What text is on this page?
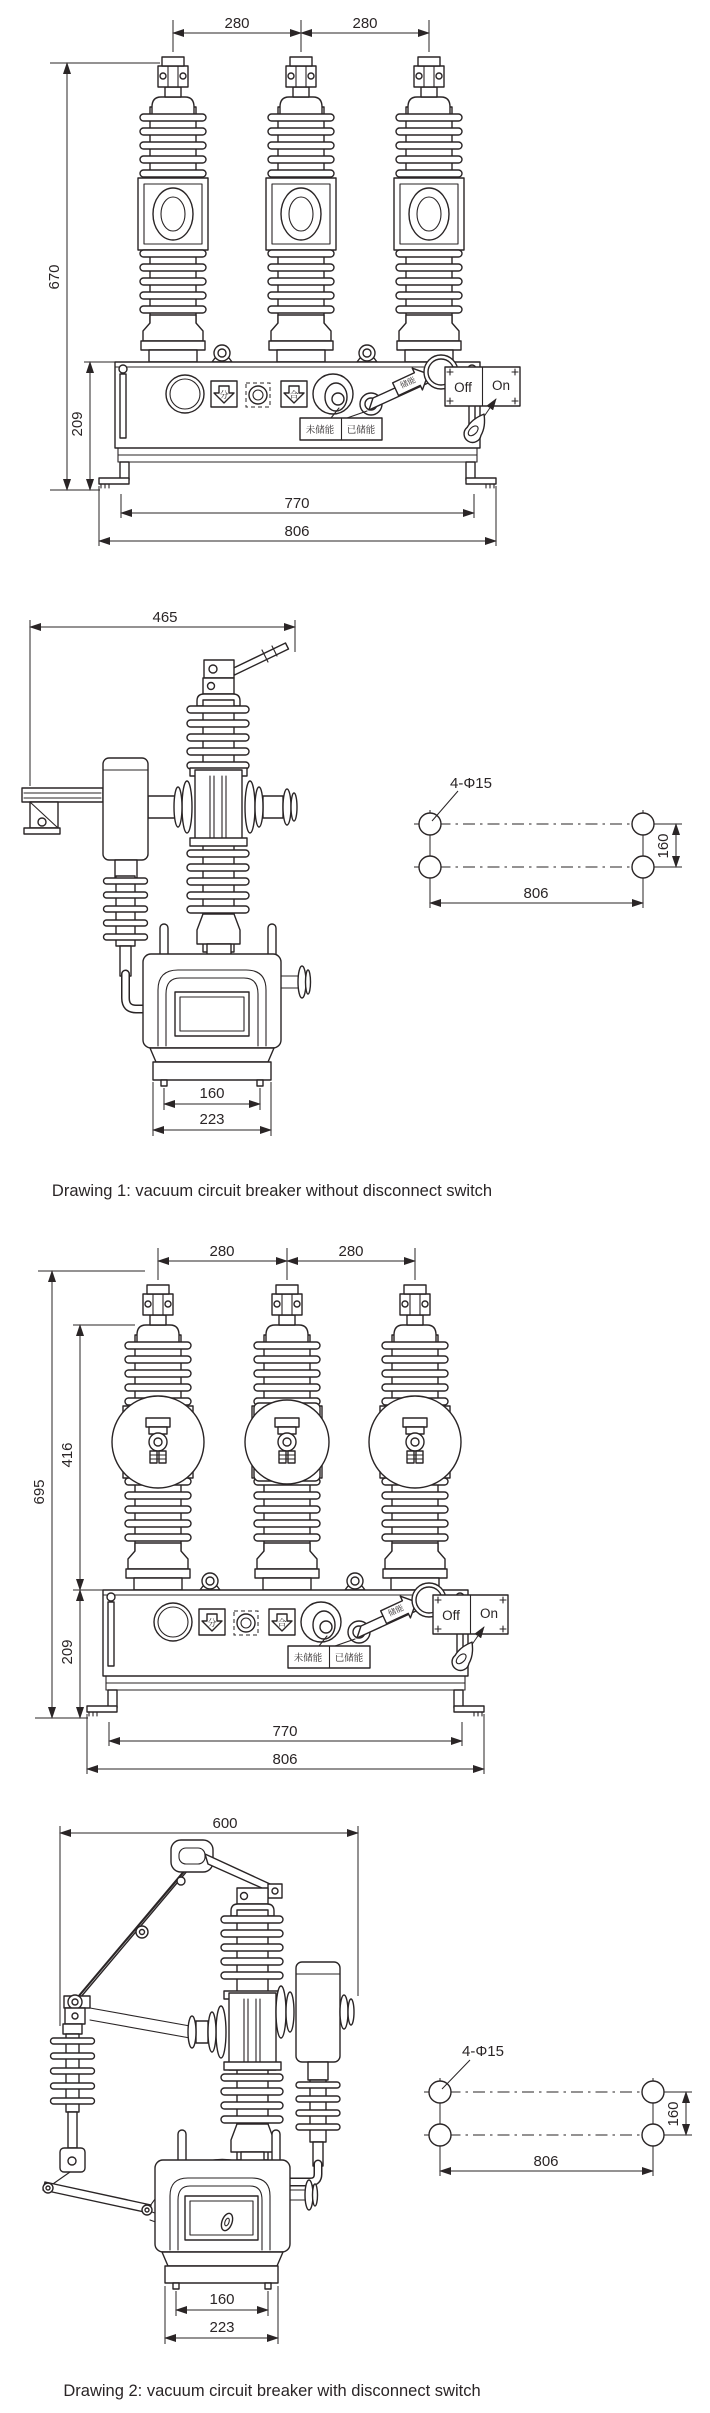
分	合
未储能 已储能
Off On
储能
280	280
670
209
770
806
465
160
223
4-Φ15
160
806
Drawing 1: vacuum circuit breaker without disconnect switch
分	合
未储能 已储能
Off On
储能
280	280
695
416
209
770
806
600
160
223
4-Φ15
160
806
Drawing 2: vacuum circuit breaker with disconnect switch
